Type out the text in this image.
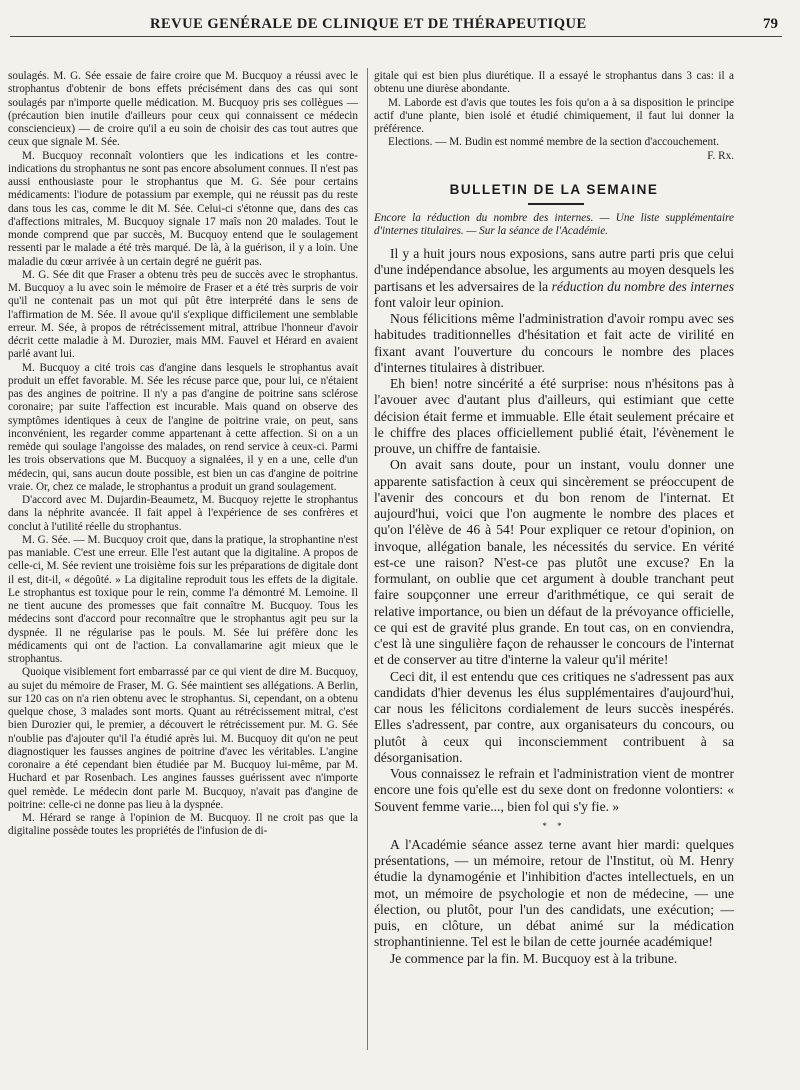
REVUE GENÉRALE DE CLINIQUE ET DE THÉRAPEUTIQUE	79

soulagés. M. G. Sée essaie de faire croire que M. Bucquoy a réussi avec le strophantus d'obtenir de bons effets précisément dans des cas qui sont soulagés par n'importe quelle médication. M. Bucquoy pris ses collègues — (précaution bien inutile d'ailleurs pour ceux qui connaissent ce médecin consciencieux) — de croire qu'il a eu soin de choisir des cas tout autres que ceux que signale M. Sée.

M. Bucquoy reconnaît volontiers que les indications et les contre-indications du strophantus ne sont pas encore absolument connues. Il n'est pas aussi enthousiaste pour le strophantus que M. G. Sée pour certains médicaments: l'iodure de potassium par exemple, qui ne réussit pas du reste dans tous les cas, comme le dit M. Sée. Celui-ci s'étonne que, dans des cas d'affections mitrales, M. Bucquoy signale 17 maîs non 20 malades. Tout le monde comprend que par succès, M. Bucquoy entend que le soulagement ressenti par le malade a été très marqué. De là, à la guérison, il y a loin. Une maladie du cœur arrivée à un certain degré ne guérit pas.

M. G. Sée dit que Fraser a obtenu très peu de succès avec le strophantus. M. Bucquoy a lu avec soin le mémoire de Fraser et a été très surpris de voir qu'il ne contenait pas un mot qui pût être interprété dans le sens de l'affirmation de M. Sée. Il avoue qu'il s'explique difficilement une semblable erreur. M. Sée, à propos de rétrécissement mitral, attribue l'honneur d'avoir décrit cette maladie à M. Durozier, mais MM. Fauvel et Hérard en avaient parlé avant lui.

M. Bucquoy a cité trois cas d'angine dans lesquels le strophantus avait produit un effet favorable. M. Sée les récuse parce que, pour lui, ce n'étaient pas des angines de poitrine. Il n'y a pas d'angine de poitrine sans sclérose coronaire; par suite l'affection est incurable. Mais quand on observe des symptômes identiques à ceux de l'angine de poitrine vraie, on peut, sans inconvénient, les regarder comme appartenant à cette affection. Si on a un remède qui soulage l'angoisse des malades, on rend service à ceux-ci. Parmi les trois observations que M. Bucquoy a signalées, il y en a une, celle d'un médecin, qui, sans aucun doute possible, est bien un cas d'angine de poitrine vraie. Or, chez ce malade, le strophantus a produit un grand soulagement.

D'accord avec M. Dujardin-Beaumetz, M. Bucquoy rejette le strophantus dans la néphrite avancée. Il fait appel à l'expérience de ses confrères et conclut à l'utilité réelle du strophantus.

M. G. Sée. — M. Bucquoy croit que, dans la pratique, la strophantine n'est pas maniable. C'est une erreur. Elle l'est autant que la digitaline. A propos de celle-ci, M. Sée revient une troisième fois sur les préparations de digitale dont il est, dit-il, « dégoûté. » La digitaline reproduit tous les effets de la digitale. Le strophantus est toxique pour le rein, comme l'a démontré M. Lemoine. Il ne tient aucune des promesses que fait connaître M. Bucquoy. Tous les médecins sont d'accord pour reconnaître que le strophantus agit peu sur la dyspnée. Il ne régularise pas le pouls. M. Sée lui préfère donc les médicaments qui ont de l'action. La convallamarine agit mieux que le strophantus.

Quoique visiblement fort embarrassé par ce qui vient de dire M. Bucquoy, au sujet du mémoire de Fraser, M. G. Sée maintient ses allégations. A Berlin, sur 120 cas on n'a rien obtenu avec le strophantus. Si, cependant, on a obtenu quelque chose, 3 malades sont morts. Quant au rétrécissement mitral, c'est bien Durozier qui, le premier, a découvert le rétrécissement pur. M. G. Sée n'oublie pas d'ajouter qu'il l'a étudié après lui. M. Bucquoy dit qu'on ne peut diagnostiquer les fausses angines de poitrine d'avec les véritables. L'angine coronaire a été cependant bien étudiée par M. Bucquoy lui-même, par M. Huchard et par Rosenbach. Les angines fausses guérissent avec n'importe quel remède. Le médecin dont parle M. Bucquoy, n'avait pas d'angine de poitrine: celle-ci ne donne pas lieu à la dyspnée.

M. Hérard se range à l'opinion de M. Bucquoy. Il ne croit pas que la digitaline possède toutes les propriétés de l'infusion de di-

gitale qui est bien plus diurétique. Il a essayé le strophantus dans 3 cas: il a obtenu une diurèse abondante.

M. Laborde est d'avis que toutes les fois qu'on a à sa disposition le principe actif d'une plante, bien isolé et étudié chimiquement, il faut lui donner la préférence.

Elections. — M. Budin est nommé membre de la section d'accouchement.

F. Rx.

BULLETIN DE LA SEMAINE

Encore la réduction du nombre des internes. — Une liste supplémentaire d'internes titulaires. — Sur la séance de l'Académie.

Il y a huit jours nous exposions, sans autre parti pris que celui d'une indépendance absolue, les arguments au moyen desquels les partisans et les adversaires de la réduction du nombre des internes font valoir leur opinion.

Nous félicitions même l'administration d'avoir rompu avec ses habitudes traditionnelles d'hésitation et fait acte de virilité en fixant avant l'ouverture du concours le nombre des places d'internes titulaires à distribuer.

Eh bien! notre sincérité a été surprise: nous n'hésitons pas à l'avouer avec d'autant plus d'ailleurs, qui estimiant que cette décision était ferme et immuable. Elle était seulement précaire et le chiffre des places officiellement publié était, l'évènement le prouve, un chiffre de fantaisie.

On avait sans doute, pour un instant, voulu donner une apparente satisfaction à ceux qui sincèrement se préoccupent de l'avenir des concours et du bon renom de l'internat. Et aujourd'hui, voici que l'on augmente le nombre des places et qu'on l'élève de 46 à 54! Pour expliquer ce retour d'opinion, on invoque, allégation banale, les nécessités du service. En vérité est-ce une raison? N'est-ce pas plutôt une excuse? En la formulant, on oublie que cet argument à double tranchant peut faire soupçonner une erreur d'arithmétique, ce qui serait de relative importance, ou bien un défaut de la prévoyance officielle, ce qui est de gravité plus grande. En tout cas, on en conviendra, c'est là une singulière façon de rehausser le concours de l'internat et de conserver au titre d'interne la valeur qu'il mérite!

Ceci dit, il est entendu que ces critiques ne s'adressent pas aux candidats d'hier devenus les élus supplémentaires d'aujourd'hui, car nous les félicitons cordialement de leurs succès inespérés. Elles s'adressent, par contre, aux organisateurs du concours, ou plutôt à ceux qui inconsciemment contribuent à sa désorganisation.

Vous connaissez le refrain et l'administration vient de montrer encore une fois qu'elle est du sexe dont on fredonne volontiers: « Souvent femme varie..., bien fol qui s'y fie. »

* *

A l'Académie séance assez terne avant hier mardi: quelques présentations, — un mémoire, retour de l'Institut, où M. Henry étudie la dynamogénie et l'inhibition d'actes intellectuels, en un mot, un mémoire de psychologie et non de médecine, — une élection, ou plutôt, pour l'un des candidats, une exécution; — puis, en clôture, un débat animé sur la médication strophantinienne. Tel est le bilan de cette journée académique!

Je commence par la fin. M. Bucquoy est à la tribune.
